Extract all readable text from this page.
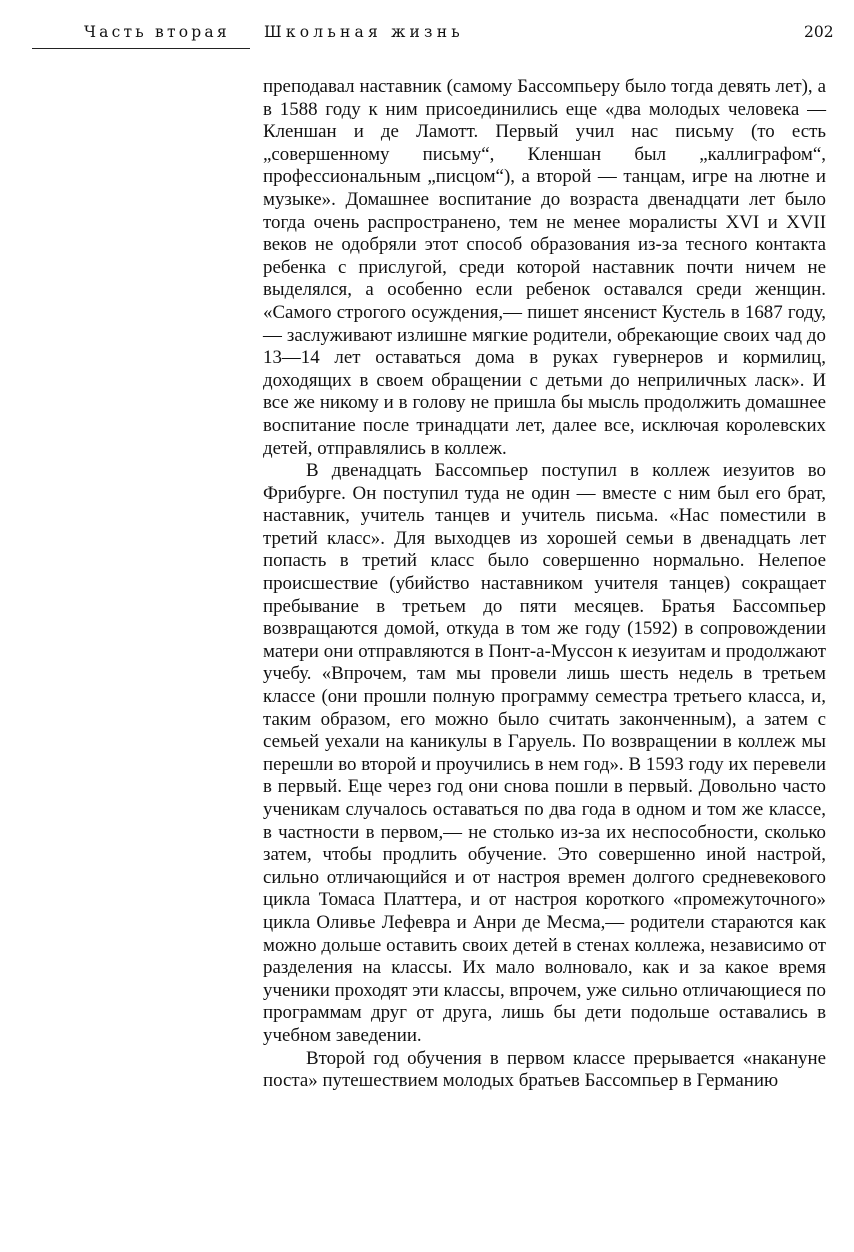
Часть вторая Школьная жизнь	202

преподавал наставник (самому Бассомпьеру было тогда девять лет), а в 1588 году к ним присоединились еще «два молодых человека — Кленшан и де Ламотт. Первый учил нас письму (то есть „совершенному письму“, Кленшан был „каллиграфом“, профессиональным „писцом“), а второй — танцам, игре на лютне и музыке». Домашнее воспитание до возраста двенадцати лет было тогда очень распространено, тем не менее моралисты XVI и XVII веков не одобряли этот способ образования из-за тесного контакта ребенка с прислугой, среди которой наставник почти ничем не выделялся, а особенно если ребенок оставался среди женщин. «Самого строгого осуждения,— пишет янсенист Кустель в 1687 году,— заслуживают излишне мягкие родители, обрекающие своих чад до 13—14 лет оставаться дома в руках гувернеров и кормилиц, доходящих в своем обращении с детьми до неприличных ласк». И все же никому и в голову не пришла бы мысль продолжить домашнее воспитание после тринадцати лет, далее все, исключая королевских детей, отправлялись в коллеж.

В двенадцать Бассомпьер поступил в коллеж иезуитов во Фрибурге. Он поступил туда не один — вместе с ним был его брат, наставник, учитель танцев и учитель письма. «Нас поместили в третий класс». Для выходцев из хорошей семьи в двенадцать лет попасть в третий класс было совершенно нормально. Нелепое происшествие (убийство наставником учителя танцев) сокращает пребывание в третьем до пяти месяцев. Братья Бассомпьер возвращаются домой, откуда в том же году (1592) в сопровождении матери они отправляются в Понт-а-Муссон к иезуитам и продолжают учебу. «Впрочем, там мы провели лишь шесть недель в третьем классе (они прошли полную программу семестра третьего класса, и, таким образом, его можно было считать законченным), а затем с семьей уехали на каникулы в Гаруель. По возвращении в коллеж мы перешли во второй и проучились в нем год». В 1593 году их перевели в первый. Еще через год они снова пошли в первый. Довольно часто ученикам случалось оставаться по два года в одном и том же классе, в частности в первом,— не столько из-за их неспособности, сколько затем, чтобы продлить обучение. Это совершенно иной настрой, сильно отличающийся и от настроя времен долгого средневекового цикла Томаса Платтера, и от настроя короткого «промежуточного» цикла Оливье Лефевра и Анри де Месма,— родители стараются как можно дольше оставить своих детей в стенах коллежа, независимо от разделения на классы. Их мало волновало, как и за какое время ученики проходят эти классы, впрочем, уже сильно отличающиеся по программам друг от друга, лишь бы дети подольше оставались в учебном заведении.

Второй год обучения в первом классе прерывается «накануне поста» путешествием молодых братьев Бассомпьер в Германию
